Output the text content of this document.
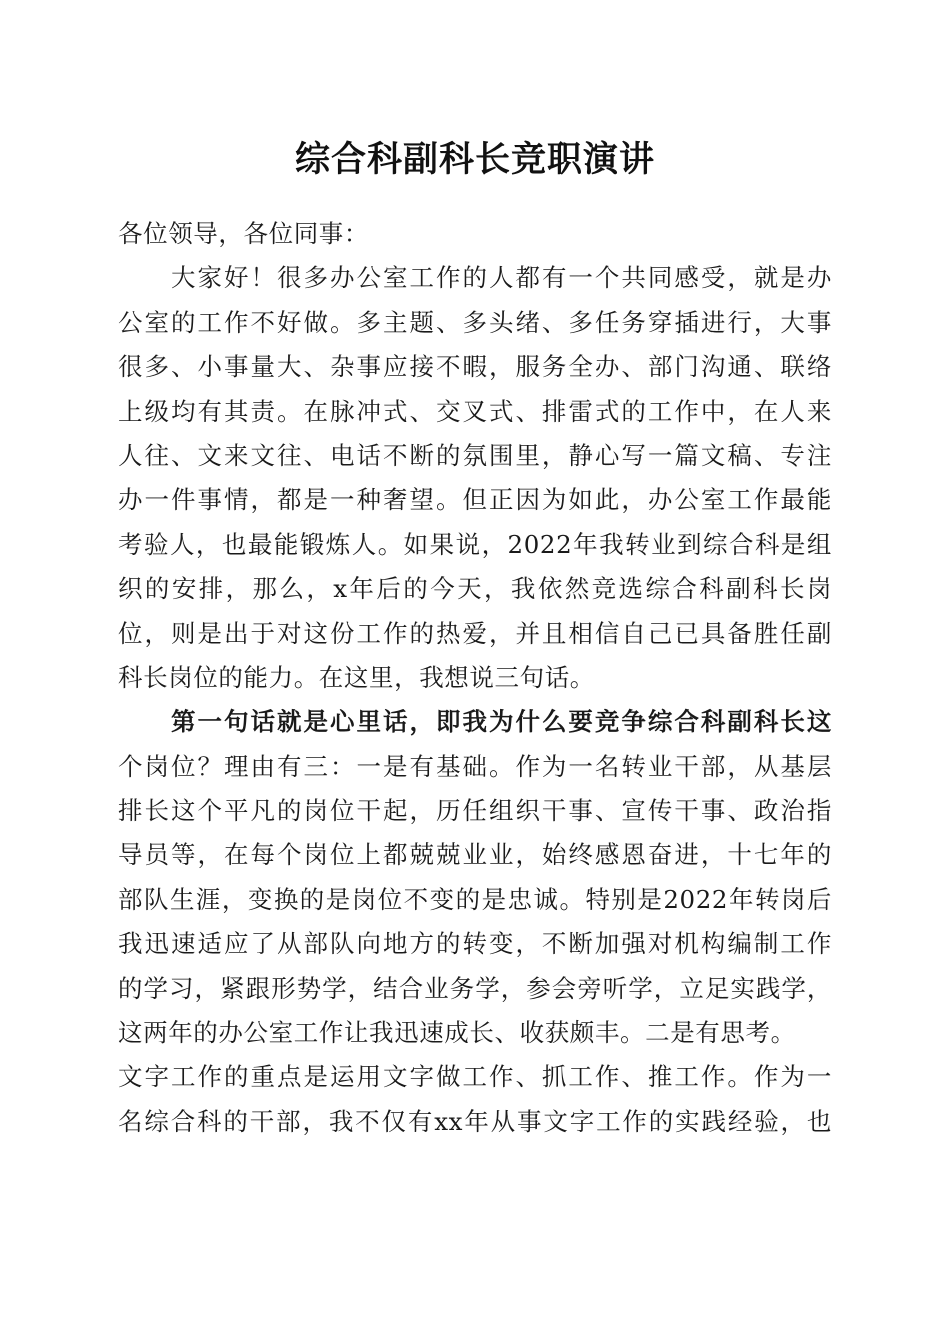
综合科副科长竞职演讲
各位领导，各位同事：
大家好！很多办公室工作的人都有一个共同感受，就是办
公室的工作不好做。多主题、多头绪、多任务穿插进行，大事
很多、小事量大、杂事应接不暇，服务全办、部门沟通、联络
上级均有其责。在脉冲式、交叉式、排雷式的工作中，在人来
人往、文来文往、电话不断的氛围里，静心写一篇文稿、专注
办一件事情，都是一种奢望。但正因为如此，办公室工作最能
考验人，也最能锻炼人。如果说，2022年我转业到综合科是组
织的安排，那么，x年后的今天，我依然竞选综合科副科长岗
位，则是出于对这份工作的热爱，并且相信自己已具备胜任副
科长岗位的能力。在这里，我想说三句话。
第一句话就是心里话，即我为什么要竞争综合科副科长这
个岗位？理由有三：一是有基础。作为一名转业干部，从基层
排长这个平凡的岗位干起，历任组织干事、宣传干事、政治指
导员等，在每个岗位上都兢兢业业，始终感恩奋进，十七年的
部队生涯，变换的是岗位不变的是忠诚。特别是2022年转岗后
我迅速适应了从部队向地方的转变，不断加强对机构编制工作
的学习，紧跟形势学，结合业务学，参会旁听学，立足实践学，
这两年的办公室工作让我迅速成长、收获颇丰。二是有思考。
文字工作的重点是运用文字做工作、抓工作、推工作。作为一
名综合科的干部，我不仅有xx年从事文字工作的实践经验，也
